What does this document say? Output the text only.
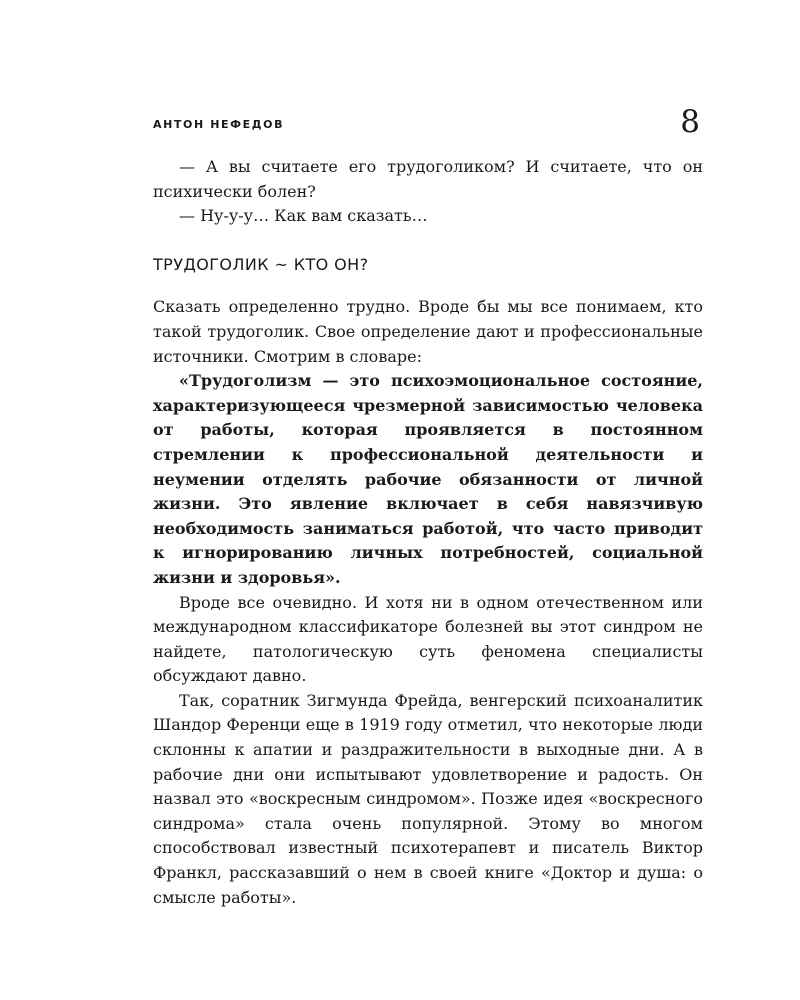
АНТОН НЕФЕДОВ	8

— А вы считаете его трудоголиком? И считаете, что он психически болен?

— Ну-у-у… Как вам сказать…

ТРУДОГОЛИК ~ КТО ОН?

Сказать определенно трудно. Вроде бы мы все понимаем, кто такой трудоголик. Свое определение дают и профессиональные источники. Смотрим в словаре:

«Трудоголизм — это психоэмоциональное состояние, характеризующееся чрезмерной зависимостью человека от работы, которая проявляется в постоянном стремлении к профессиональной деятельности и неумении отделять рабочие обязанности от личной жизни. Это явление включает в себя навязчивую необходимость заниматься работой, что часто приводит к игнорированию личных потребностей, социальной жизни и здоровья».

Вроде все очевидно. И хотя ни в одном отечественном или международном классификаторе болезней вы этот синдром не найдете, патологическую суть феномена специалисты обсуждают давно.

Так, соратник Зигмунда Фрейда, венгерский психоаналитик Шандор Ференци еще в 1919 году отметил, что некоторые люди склонны к апатии и раздражительности в выходные дни. А в рабочие дни они испытывают удовлетворение и радость. Он назвал это «воскресным синдромом». Позже идея «воскресного синдрома» стала очень популярной. Этому во многом способствовал известный психотерапевт и писатель Виктор Франкл, рассказавший о нем в своей книге «Доктор и душа: о смысле работы».
